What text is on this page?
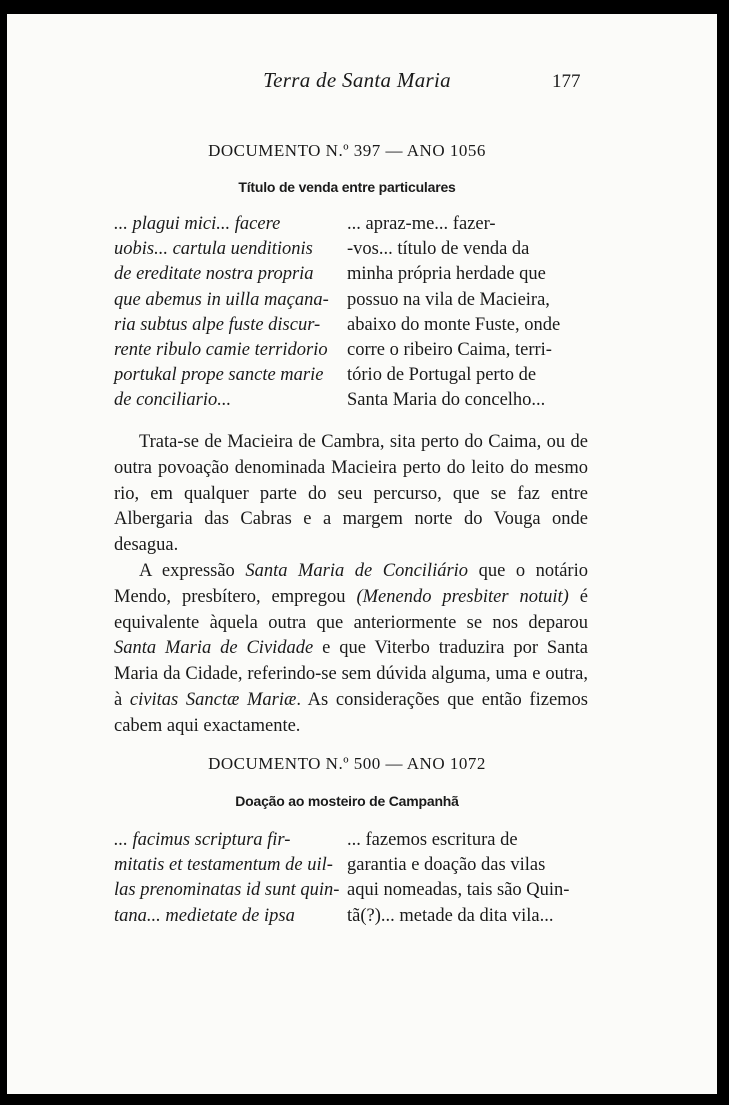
Terra de Santa Maria	177

DOCUMENTO N.º 397 — ANO 1056

Título de venda entre particulares

... plagui mici... facere
uobis... cartula uenditionis
de ereditate nostra propria
que abemus in uilla maçana-
ria subtus alpe fuste discur-
rente ribulo camie terridorio
portukal prope sancte marie
de conciliario...
... apraz-me... fazer-
-vos... título de venda da
minha própria herdade que
possuo na vila de Macieira,
abaixo do monte Fuste, onde
corre o ribeiro Caima, terri-
tório de Portugal perto de
Santa Maria do concelho...

Trata-se de Macieira de Cambra, sita perto do Caima, ou de outra povoação denominada Macieira perto do leito do mesmo rio, em qualquer parte do seu percurso, que se faz entre Albergaria das Cabras e a margem norte do Vouga onde desagua.

A expressão Santa Maria de Conciliário que o notário Mendo, presbítero, empregou (Menendo presbiter notuit) é equivalente àquela outra que anteriormente se nos deparou Santa Maria de Cividade e que Viterbo traduzira por Santa Maria da Cidade, referindo-se sem dúvida alguma, uma e outra, à civitas Sanctæ Mariæ. As considerações que então fizemos cabem aqui exactamente.

DOCUMENTO N.º 500 — ANO 1072

Doação ao mosteiro de Campanhã

... facimus scriptura fir-
mitatis et testamentum de uil-
las prenominatas id sunt quin-
tana... medietate de ipsa
... fazemos escritura de
garantia e doação das vilas
aqui nomeadas, tais são Quin-
tã(?)... metade da dita vila...
